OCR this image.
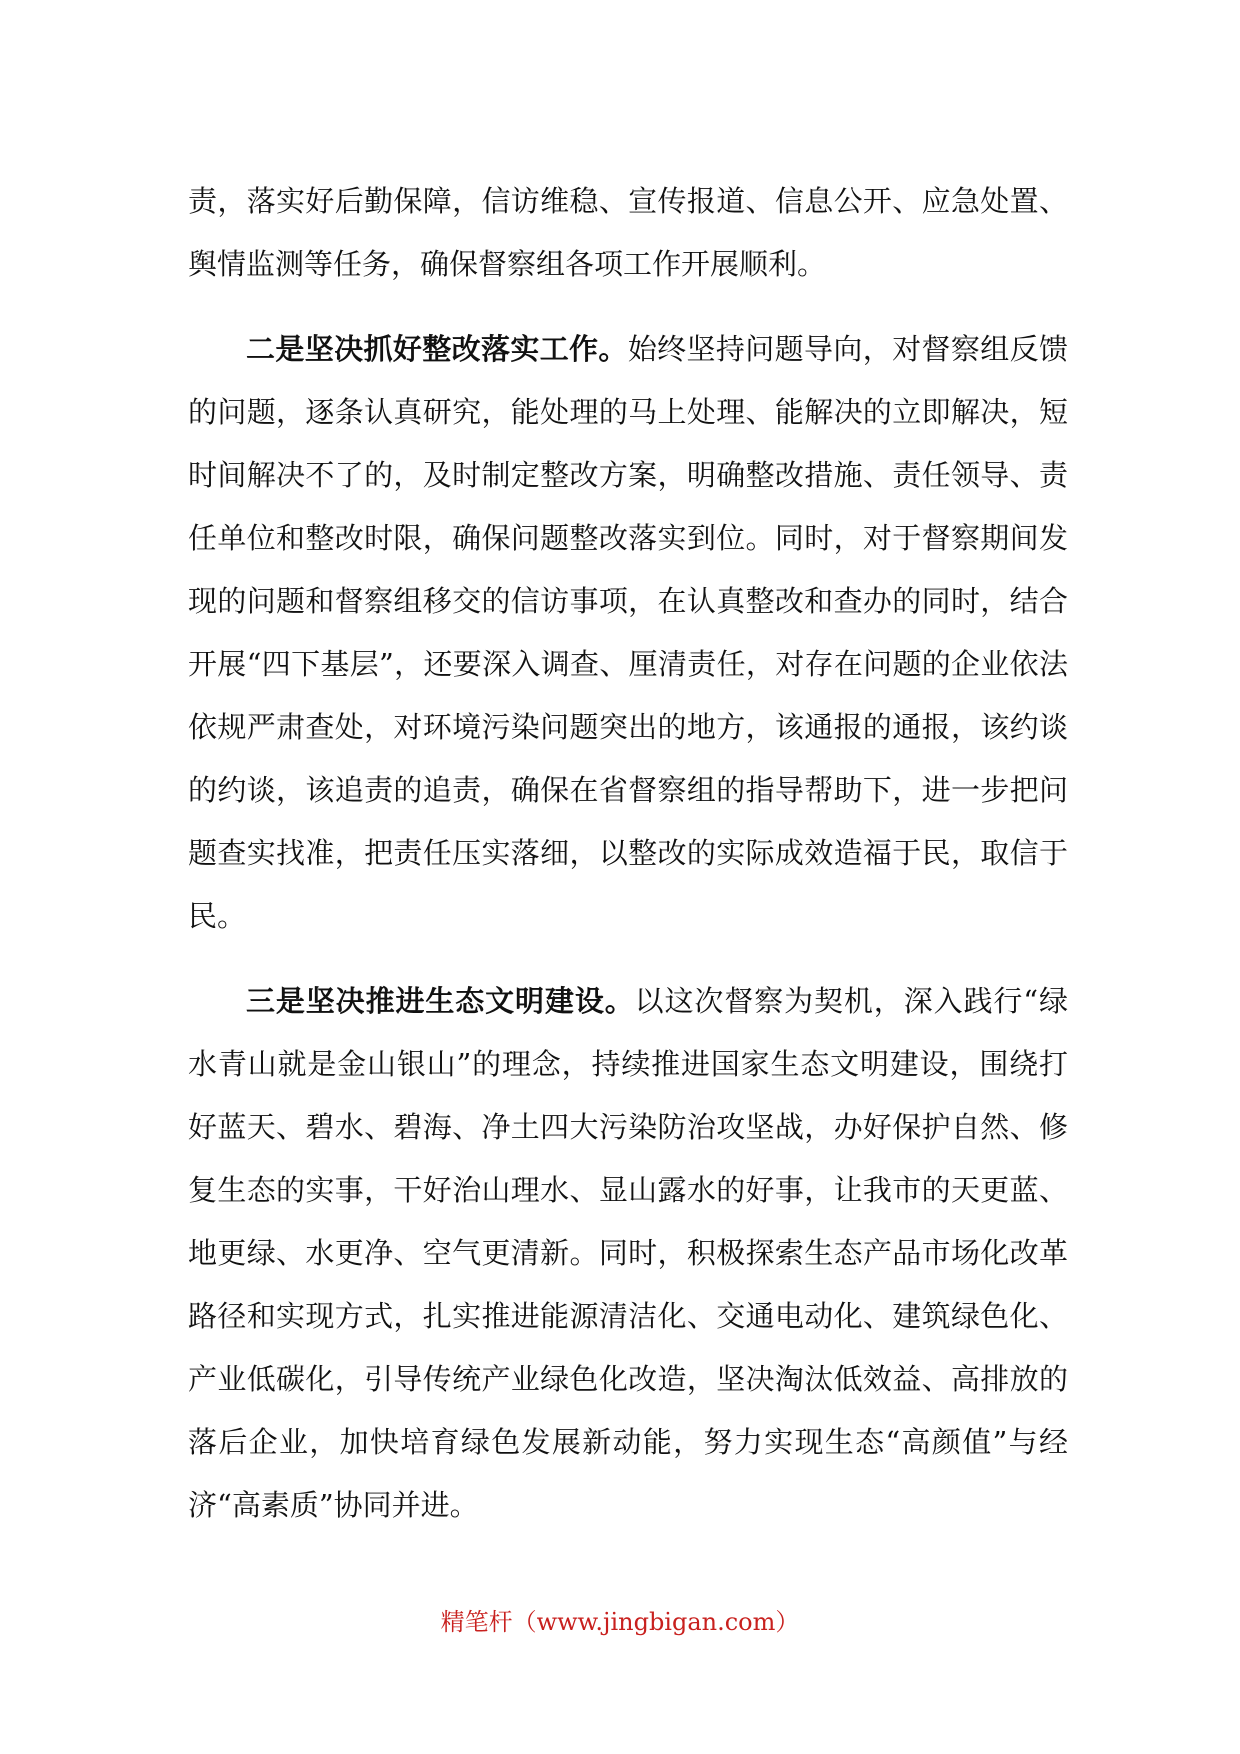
责，落实好后勤保障，信访维稳、宣传报道、信息公开、应急处置、舆情监测等任务，确保督察组各项工作开展顺利。

二是坚决抓好整改落实工作。始终坚持问题导向，对督察组反馈的问题，逐条认真研究，能处理的马上处理、能解决的立即解决，短时间解决不了的，及时制定整改方案，明确整改措施、责任领导、责任单位和整改时限，确保问题整改落实到位。同时，对于督察期间发现的问题和督察组移交的信访事项，在认真整改和查办的同时，结合开展“四下基层”，还要深入调查、厘清责任，对存在问题的企业依法依规严肃查处，对环境污染问题突出的地方，该通报的通报，该约谈的约谈，该追责的追责，确保在省督察组的指导帮助下，进一步把问题查实找准，把责任压实落细，以整改的实际成效造福于民，取信于民。

三是坚决推进生态文明建设。以这次督察为契机，深入践行“绿水青山就是金山银山”的理念，持续推进国家生态文明建设，围绕打好蓝天、碧水、碧海、净土四大污染防治攻坚战，办好保护自然、修复生态的实事，干好治山理水、显山露水的好事，让我市的天更蓝、地更绿、水更净、空气更清新。同时，积极探索生态产品市场化改革路径和实现方式，扎实推进能源清洁化、交通电动化、建筑绿色化、产业低碳化，引导传统产业绿色化改造，坚决淘汰低效益、高排放的落后企业，加快培育绿色发展新动能，努力实现生态“高颜值”与经济“高素质”协同并进。

精笔杆（www.jingbigan.com）
